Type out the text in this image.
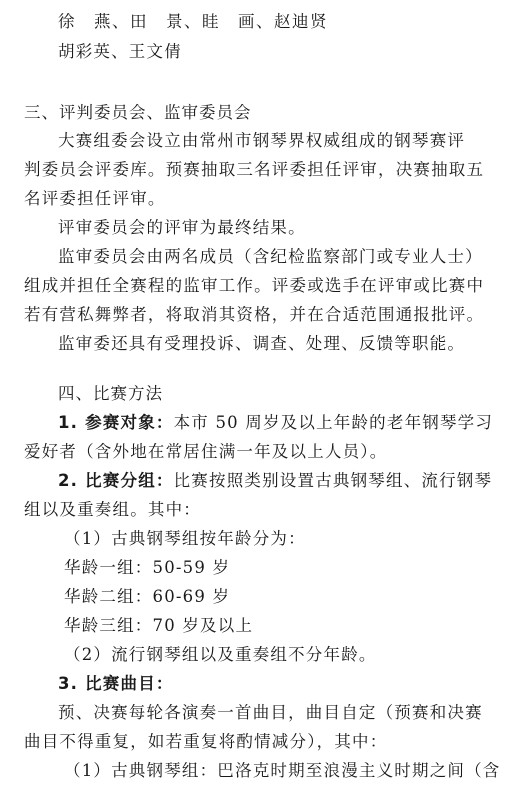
徐　燕、田　景、眭　画、赵迪贤
胡彩英、王文倩
三、评判委员会、监审委员会
大赛组委会设立由常州市钢琴界权威组成的钢琴赛评
判委员会评委库。预赛抽取三名评委担任评审，决赛抽取五
名评委担任评审。
评审委员会的评审为最终结果。
监审委员会由两名成员（含纪检监察部门或专业人士）
组成并担任全赛程的监审工作。评委或选手在评审或比赛中
若有营私舞弊者，将取消其资格，并在合适范围通报批评。
监审委还具有受理投诉、调查、处理、反馈等职能。
四、比赛方法
1. 参赛对象：本市 50 周岁及以上年龄的老年钢琴学习
爱好者（含外地在常居住满一年及以上人员）。
2. 比赛分组：比赛按照类别设置古典钢琴组、流行钢琴
组以及重奏组。其中：
（1）古典钢琴组按年龄分为：
华龄一组：50-59 岁
华龄二组：60-69 岁
华龄三组：70 岁及以上
（2）流行钢琴组以及重奏组不分年龄。
3. 比赛曲目：
预、决赛每轮各演奏一首曲目，曲目自定（预赛和决赛
曲目不得重复，如若重复将酌情减分），其中：
（1）古典钢琴组：巴洛克时期至浪漫主义时期之间（含
